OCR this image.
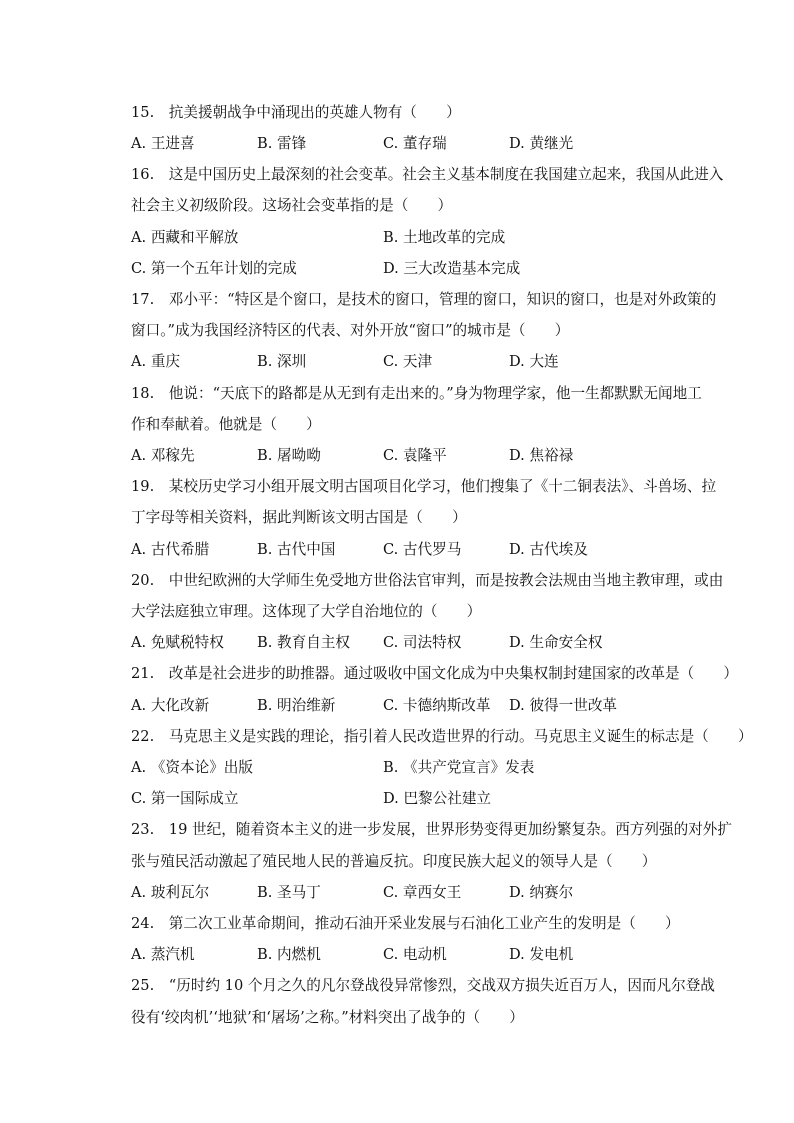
15.　抗美援朝战争中涌现出的英雄人物有（　　）
A. 王进喜	B. 雷锋	C. 董存瑞	D. 黄继光
16.　这是中国历史上最深刻的社会变革。社会主义基本制度在我国建立起来，我国从此进入
社会主义初级阶段。这场社会变革指的是（　　）
A. 西藏和平解放	B. 土地改革的完成
C. 第一个五年计划的完成	D. 三大改造基本完成
17.　邓小平：“特区是个窗口，是技术的窗口，管理的窗口，知识的窗口，也是对外政策的
窗口。”成为我国经济特区的代表、对外开放“窗口”的城市是（　　）
A. 重庆	B. 深圳	C. 天津	D. 大连
18.　他说：“天底下的路都是从无到有走出来的。”身为物理学家，他一生都默默无闻地工
作和奉献着。他就是（　　）
A. 邓稼先	B. 屠呦呦	C. 袁隆平	D. 焦裕禄
19.　某校历史学习小组开展文明古国项目化学习，他们搜集了《十二铜表法》、斗兽场、拉
丁字母等相关资料，据此判断该文明古国是（　　）
A. 古代希腊	B. 古代中国	C. 古代罗马	D. 古代埃及
20.　中世纪欧洲的大学师生免受地方世俗法官审判，而是按教会法规由当地主教审理，或由
大学法庭独立审理。这体现了大学自治地位的（　　）
A. 免赋税特权	B. 教育自主权	C. 司法特权	D. 生命安全权
21.　改革是社会进步的助推器。通过吸收中国文化成为中央集权制封建国家的改革是（　　）
A. 大化改新	B. 明治维新	C. 卡德纳斯改革	D. 彼得一世改革
22.　马克思主义是实践的理论，指引着人民改造世界的行动。马克思主义诞生的标志是（　　）
A. 《资本论》出版	B. 《共产党宣言》发表
C. 第一国际成立	D. 巴黎公社建立
23.　19 世纪，随着资本主义的进一步发展，世界形势变得更加纷繁复杂。西方列强的对外扩
张与殖民活动激起了殖民地人民的普遍反抗。印度民族大起义的领导人是（　　）
A. 玻利瓦尔	B. 圣马丁	C. 章西女王	D. 纳赛尔
24.　第二次工业革命期间，推动石油开采业发展与石油化工业产生的发明是（　　）
A. 蒸汽机	B. 内燃机	C. 电动机	D. 发电机
25.　“历时约 10 个月之久的凡尔登战役异常惨烈，交战双方损失近百万人，因而凡尔登战
役有‘绞肉机’‘地狱’和‘屠场’之称。”材料突出了战争的（　　）
